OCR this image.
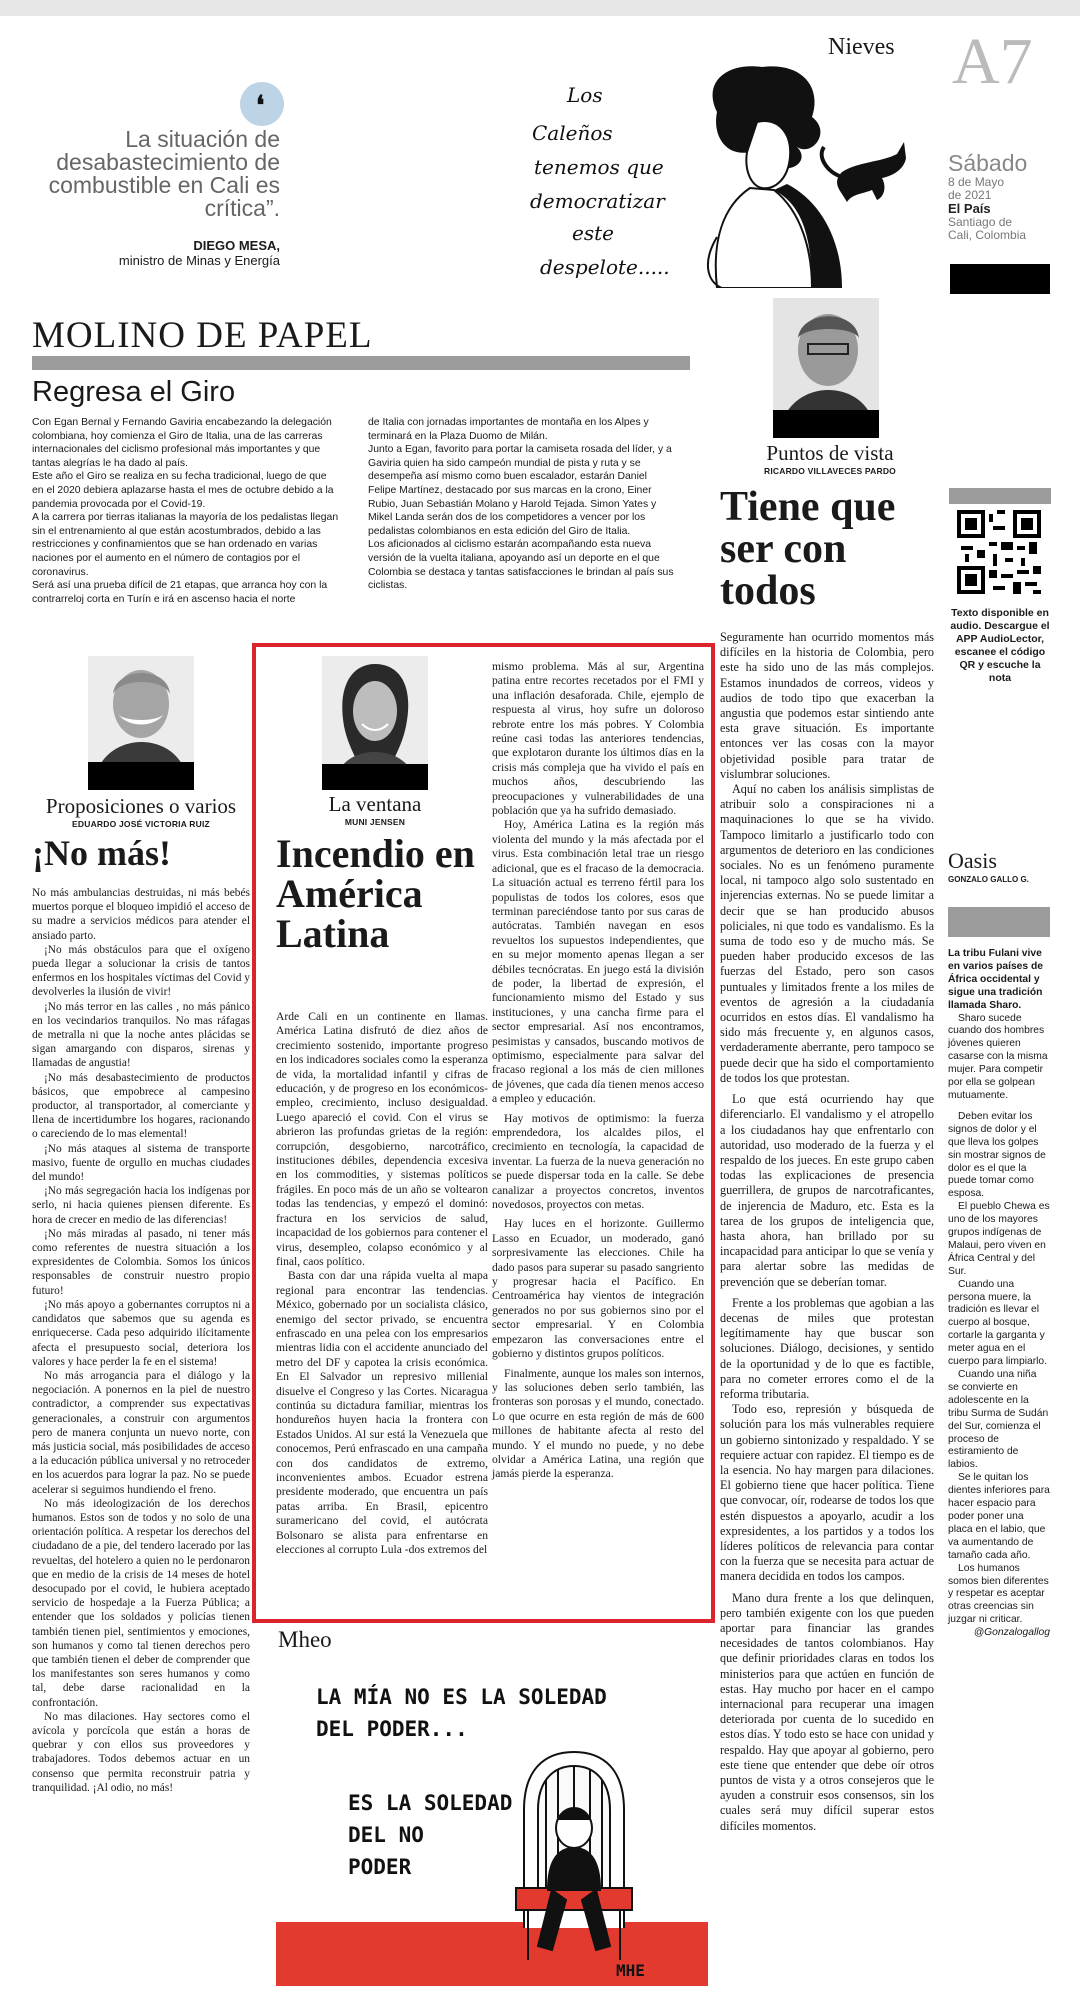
❛
La situación de desabastecimiento de combustible en Cali es crítica”.
DIEGO MESA,
ministro de Minas y Energía
Nieves
Los
Caleños
tenemos que
democratizar
este
despelote.....
A7
Sábado
8 de Mayo de 2021
El País
Santiago de Cali, Colombia
MOLINO DE PAPEL
Regresa el Giro

Con Egan Bernal y Fernando Gaviria encabezando la delegación colombiana, hoy comienza el Giro de Italia, una de las carreras internacionales del ciclismo profesional más importantes y que tantas alegrías le ha dado al país.

Este año el Giro se realiza en su fecha tradicional, luego de que en el 2020 debiera aplazarse hasta el mes de octubre debido a la pandemia provocada por el Covid-19.

A la carrera por tierras italianas la mayoría de los pedalistas llegan sin el entrenamiento al que están acostumbrados, debido a las restricciones y confinamientos que se han ordenado en varias naciones por el aumento en el número de contagios por el coronavirus.

Será así una prueba difícil de 21 etapas, que arranca hoy con la contrarreloj corta en Turín e irá en ascenso hacia el norte

de Italia con jornadas importantes de montaña en los Alpes y terminará en la Plaza Duomo de Milán.

Junto a Egan, favorito para portar la camiseta rosada del líder, y a Gaviria quien ha sido campeón mundial de pista y ruta y se desempeña así mismo como buen escalador, estarán Daniel Felipe Martínez, destacado por sus marcas en la crono, Einer Rubio, Juan Sebastián Molano y Harold Tejada. Simon Yates y Mikel Landa serán dos de los competidores a vencer por los pedalistas colombianos en esta edición del Giro de Italia.

Los aficionados al ciclismo estarán acompañando esta nueva versión de la vuelta italiana, apoyando así un deporte en el que Colombia se destaca y tantas satisfacciones le brindan al país sus ciclistas.

Puntos de vista
RICARDO VILLAVECES PARDO
Tiene que ser con todos

Seguramente han ocurrido momentos más difíciles en la historia de Colombia, pero este ha sido uno de las más complejos. Estamos inundados de correos, videos y audios de todo tipo que exacerban la angustia que podemos estar sintiendo ante esta grave situación. Es importante entonces ver las cosas con la mayor objetividad posible para tratar de vislumbrar soluciones.

Aquí no caben los análisis simplistas de atribuir solo a conspiraciones ni a maquinaciones lo que se ha vivido. Tampoco limitarlo a justificarlo todo con argumentos de deterioro en las condiciones sociales. No es un fenómeno puramente local, ni tampoco algo solo sustentado en injerencias externas. No se puede limitar a decir que se han producido abusos policiales, ni que todo es vandalismo. Es la suma de todo eso y de mucho más. Se pueden haber producido excesos de las fuerzas del Estado, pero son casos puntuales y limitados frente a los miles de eventos de agresión a la ciudadanía ocurridos en estos días. El vandalismo ha sido más frecuente y, en algunos casos, verdaderamente aberrante, pero tampoco se puede decir que ha sido el comportamiento de todos los que protestan.

Lo que está ocurriendo hay que diferenciarlo. El vandalismo y el atropello a los ciudadanos hay que enfrentarlo con autoridad, uso moderado de la fuerza y el respaldo de los jueces. En este grupo caben todas las explicaciones de presencia guerrillera, de grupos de narcotraficantes, de injerencia de Maduro, etc. Esta es la tarea de los grupos de inteligencia que, hasta ahora, han brillado por su incapacidad para anticipar lo que se venía y para alertar sobre las medidas de prevención que se deberían tomar.

Frente a los problemas que agobian a las decenas de miles que protestan legítimamente hay que buscar son soluciones. Diálogo, decisiones, y sentido de la oportunidad y de lo que es factible, para no cometer errores como el de la reforma tributaria.

Todo eso, represión y búsqueda de solución para los más vulnerables requiere un gobierno sintonizado y respaldado. Y se requiere actuar con rapidez. El tiempo es de la esencia. No hay margen para dilaciones. El gobierno tiene que hacer política. Tiene que convocar, oír, rodearse de todos los que estén dispuestos a apoyarlo, acudir a los expresidentes, a los partidos y a todos los líderes políticos de relevancia para contar con la fuerza que se necesita para actuar de manera decidida en todos los campos.

Mano dura frente a los que delinquen, pero también exigente con los que pueden aportar para financiar las grandes necesidades de tantos colombianos. Hay que definir prioridades claras en todos los ministerios para que actúen en función de estas. Hay mucho por hacer en el campo internacional para recuperar una imagen deteriorada por cuenta de lo sucedido en estos días. Y todo esto se hace con unidad y respaldo. Hay que apoyar al gobierno, pero este tiene que entender que debe oír otros puntos de vista y a otros consejeros que le ayuden a construir esos consensos, sin los cuales será muy difícil superar estos difíciles momentos.

Texto disponible en audio. Descargue el APP AudioLector, escanee el código QR y escuche la nota
Proposiciones o varios
EDUARDO JOSÉ VICTORIA RUIZ
¡No más!

No más ambulancias destruidas, ni más bebés muertos porque el bloqueo impidió el acceso de su madre a servicios médicos para atender el ansiado parto.

¡No más obstáculos para que el oxígeno pueda llegar a solucionar la crisis de tantos enfermos en los hospitales víctimas del Covid y devolverles la ilusión de vivir!

¡No más terror en las calles , no más pánico en los vecindarios tranquilos. No mas ráfagas de metralla ni que la noche antes plácidas se sigan amargando con disparos, sirenas y llamadas de angustia!

¡No más desabastecimiento de productos básicos, que empobrece al campesino productor, al transportador, al comerciante y llena de incertidumbre los hogares, racionando o careciendo de lo mas elemental!

¡No más ataques al sistema de transporte masivo, fuente de orgullo en muchas ciudades del mundo!

¡No más segregación hacia los indígenas por serlo, ni hacia quienes piensen diferente. Es hora de crecer en medio de las diferencias!

¡No más miradas al pasado, ni tener más como referentes de nuestra situación a los expresidentes de Colombia. Somos los únicos responsables de construir nuestro propio futuro!

¡No más apoyo a gobernantes corruptos ni a candidatos que sabemos que su agenda es enriquecerse. Cada peso adquirido ilícitamente afecta el presupuesto social, deteriora los valores y hace perder la fe en el sistema!

No más arrogancia para el diálogo y la negociación. A ponernos en la piel de nuestro contradictor, a comprender sus expectativas generacionales, a construir con argumentos pero de manera conjunta un nuevo norte, con más justicia social, más posibilidades de acceso a la educación pública universal y no retroceder en los acuerdos para lograr la paz. No se puede acelerar si seguimos hundiendo el freno.

No más ideologización de los derechos humanos. Estos son de todos y no solo de una orientación política. A respetar los derechos del ciudadano de a pie, del tendero lacerado por las revueltas, del hotelero a quien no le perdonaron que en medio de la crisis de 14 meses de hotel desocupado por el covid, le hubiera aceptado servicio de hospedaje a la Fuerza Pública; a entender que los soldados y policías tienen también tienen piel, sentimientos y emociones, son humanos y como tal tienen derechos pero que también tienen el deber de comprender que los manifestantes son seres humanos y como tal, debe darse racionalidad en la confrontación.

No mas dilaciones. Hay sectores como el avícola y porcícola que están a horas de quebrar y con ellos sus proveedores y trabajadores. Todos debemos actuar en un consenso que permita reconstruir patria y tranquilidad. ¡Al odio, no más!

La ventana
MUNI JENSEN
Incendio en América Latina

Arde Cali en un continente en llamas. América Latina disfrutó de diez años de crecimiento sostenido, importante progreso en los indicadores sociales como la esperanza de vida, la mortalidad infantil y cifras de educación, y de progreso en los económicos- empleo, crecimiento, incluso desigualdad. Luego apareció el covid. Con el virus se abrieron las profundas grietas de la región: corrupción, desgobierno, narcotráfico, instituciones débiles, dependencia excesiva en los commodities, y sistemas políticos frágiles. En poco más de un año se voltearon todas las tendencias, y empezó el dominó: fractura en los servicios de salud, incapacidad de los gobiernos para contener el virus, desempleo, colapso económico y al final, caos político.

Basta con dar una rápida vuelta al mapa regional para encontrar las tendencias. México, gobernado por un socialista clásico, enemigo del sector privado, se encuentra enfrascado en una pelea con los empresarios mientras lidia con el accidente anunciado del metro del DF y capotea la crisis económica. En El Salvador un represivo millenial disuelve el Congreso y las Cortes. Nicaragua continúa su dictadura familiar, mientras los hondureños huyen hacia la frontera con Estados Unidos. Al sur está la Venezuela que conocemos, Perú enfrascado en una campaña con dos candidatos de extremo, inconvenientes ambos. Ecuador estrena presidente moderado, que encuentra un país patas arriba. En Brasil, epicentro suramericano del covid, el autócrata Bolsonaro se alista para enfrentarse en elecciones al corrupto Lula -dos extremos del

mismo problema. Más al sur, Argentina patina entre recortes recetados por el FMI y una inflación desaforada. Chile, ejemplo de respuesta al virus, hoy sufre un doloroso rebrote entre los más pobres. Y Colombia reúne casi todas las anteriores tendencias, que explotaron durante los últimos días en la crisis más compleja que ha vivido el país en muchos años, descubriendo las preocupaciones y vulnerabilidades de una población que ya ha sufrido demasiado.

Hoy, América Latina es la región más violenta del mundo y la más afectada por el virus. Esta combinación letal trae un riesgo adicional, que es el fracaso de la democracia. La situación actual es terreno fértil para los populistas de todos los colores, esos que terminan pareciéndose tanto por sus caras de autócratas. También navegan en esos revueltos los supuestos independientes, que en su mejor momento apenas llegan a ser débiles tecnócratas. En juego está la división de poder, la libertad de expresión, el funcionamiento mismo del Estado y sus instituciones, y una cancha firme para el sector empresarial. Así nos encontramos, pesimistas y cansados, buscando motivos de optimismo, especialmente para salvar del fracaso regional a los más de cien millones de jóvenes, que cada día tienen menos acceso a empleo y educación.

Hay motivos de optimismo: la fuerza emprendedora, los alcaldes pilos, el crecimiento en tecnología, la capacidad de inventar. La fuerza de la nueva generación no se puede dispersar toda en la calle. Se debe canalizar a proyectos concretos, inventos novedosos, proyectos con metas.

Hay luces en el horizonte. Guillermo Lasso en Ecuador, un moderado, ganó sorpresivamente las elecciones. Chile ha dado pasos para superar su pasado sangriento y progresar hacia el Pacífico. En Centroamérica hay vientos de integración generados no por sus gobiernos sino por el sector empresarial. Y en Colombia empezaron las conversaciones entre el gobierno y distintos grupos políticos.

Finalmente, aunque los males son internos, y las soluciones deben serlo también, las fronteras son porosas y el mundo, conectado. Lo que ocurre en esta región de más de 600 millones de habitante afecta al resto del mundo. Y el mundo no puede, y no debe olvidar a América Latina, una región que jamás pierde la esperanza.

Oasis
GONZALO GALLO G.

La tribu Fulani vive en varios países de África occidental y sigue una tradición llamada Sharo.

Sharo sucede cuando dos hombres jóvenes quieren casarse con la misma mujer. Para competir por ella se golpean mutuamente.

Deben evitar los signos de dolor y el que lleva los golpes sin mostrar signos de dolor es el que la puede tomar como esposa.

El pueblo Chewa es uno de los mayores grupos indígenas de Malaui, pero viven en África Central y del Sur.

Cuando una persona muere, la tradición es llevar el cuerpo al bosque, cortarle la garganta y meter agua en el cuerpo para limpiarlo.

Cuando una niña se convierte en adolescente en la tribu Surma de Sudán del Sur, comienza el proceso de estiramiento de labios.

Se le quitan los dientes inferiores para hacer espacio para poder poner una placa en el labio, que va aumentando de tamaño cada año.

Los humanos somos bien diferentes y respetar es aceptar otras creencias sin juzgar ni criticar.

@Gonzalogallog

Mheo
LA MÍA NO ES LA SOLEDAD
DEL PODER...
ES LA SOLEDAD
DEL NO
PODER
MHE
